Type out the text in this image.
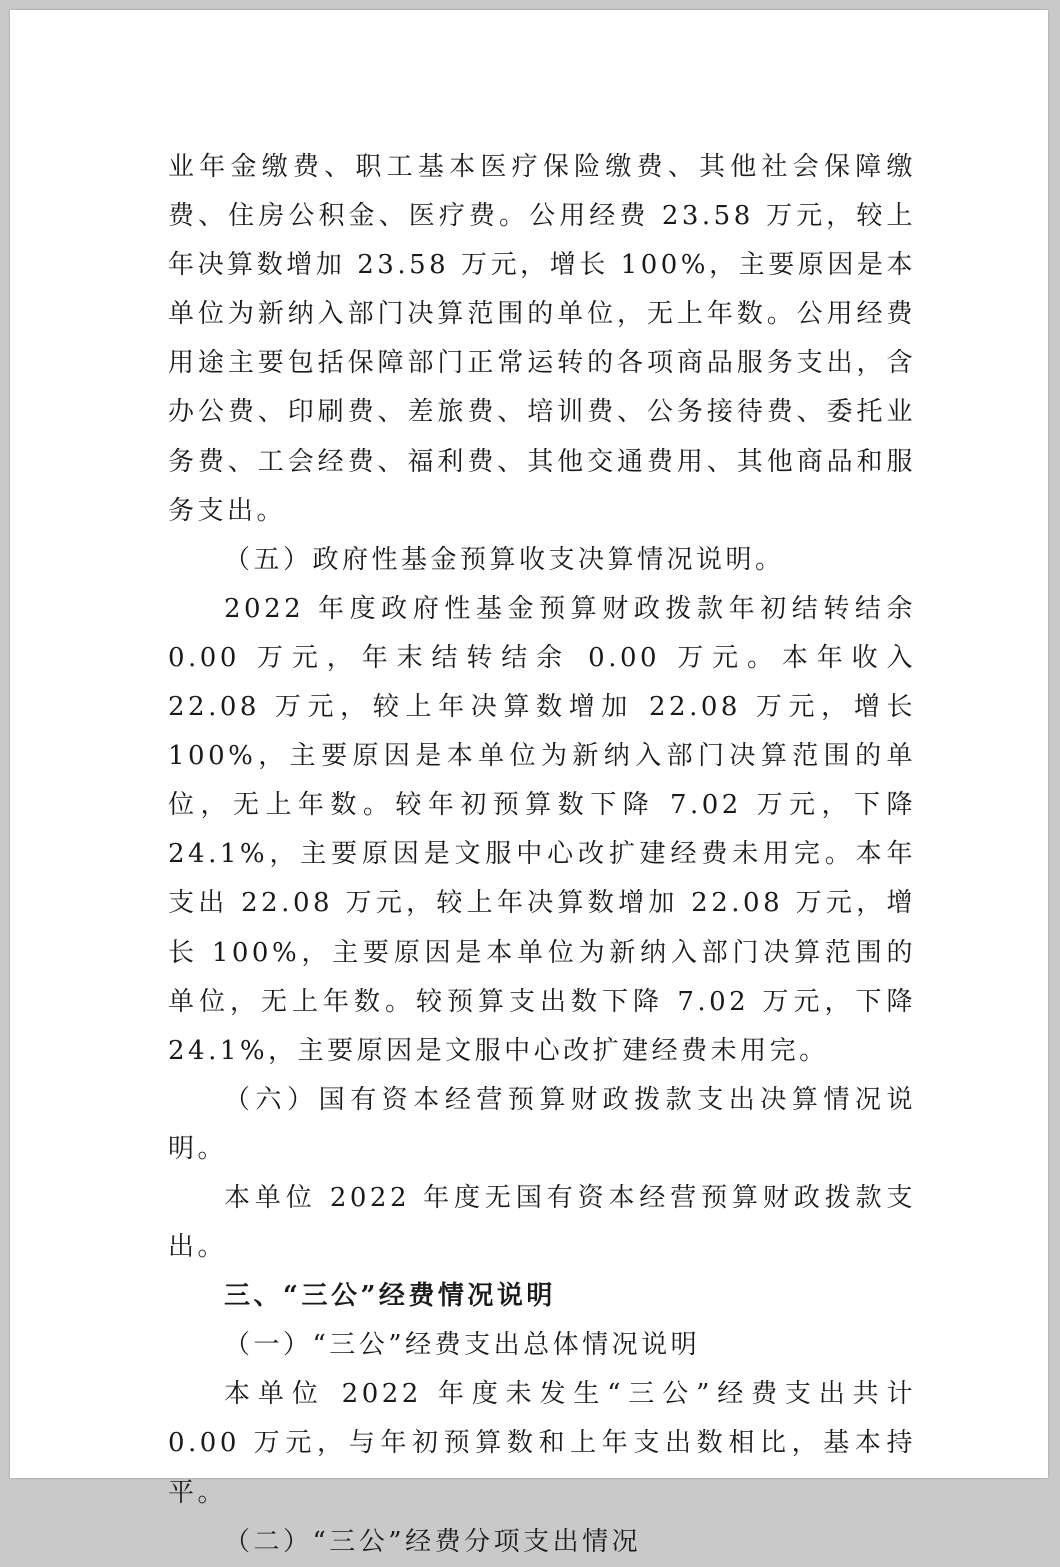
业年金缴费、职工基本医疗保险缴费、其他社会保障缴费、住房公积金、医疗费。公用经费 23.58 万元，较上年决算数增加 23.58 万元，增长 100%，主要原因是本单位为新纳入部门决算范围的单位，无上年数。公用经费用途主要包括保障部门正常运转的各项商品服务支出，含办公费、印刷费、差旅费、培训费、公务接待费、委托业务费、工会经费、福利费、其他交通费用、其他商品和服务支出。

（五）政府性基金预算收支决算情况说明。

2022 年度政府性基金预算财政拨款年初结转结余 0.00 万元，年末结转结余 0.00 万元。本年收入 22.08 万元，较上年决算数增加 22.08 万元，增长 100%，主要原因是本单位为新纳入部门决算范围的单位，无上年数。较年初预算数下降 7.02 万元，下降 24.1%，主要原因是文服中心改扩建经费未用完。本年支出 22.08 万元，较上年决算数增加 22.08 万元，增长 100%，主要原因是本单位为新纳入部门决算范围的单位，无上年数。较预算支出数下降 7.02 万元，下降 24.1%，主要原因是文服中心改扩建经费未用完。

（六）国有资本经营预算财政拨款支出决算情况说明。

本单位 2022 年度无国有资本经营预算财政拨款支出。

三、“三公”经费情况说明

（一）“三公”经费支出总体情况说明

本单位 2022 年度未发生“三公”经费支出共计 0.00 万元，与年初预算数和上年支出数相比，基本持平。

（二）“三公”经费分项支出情况
